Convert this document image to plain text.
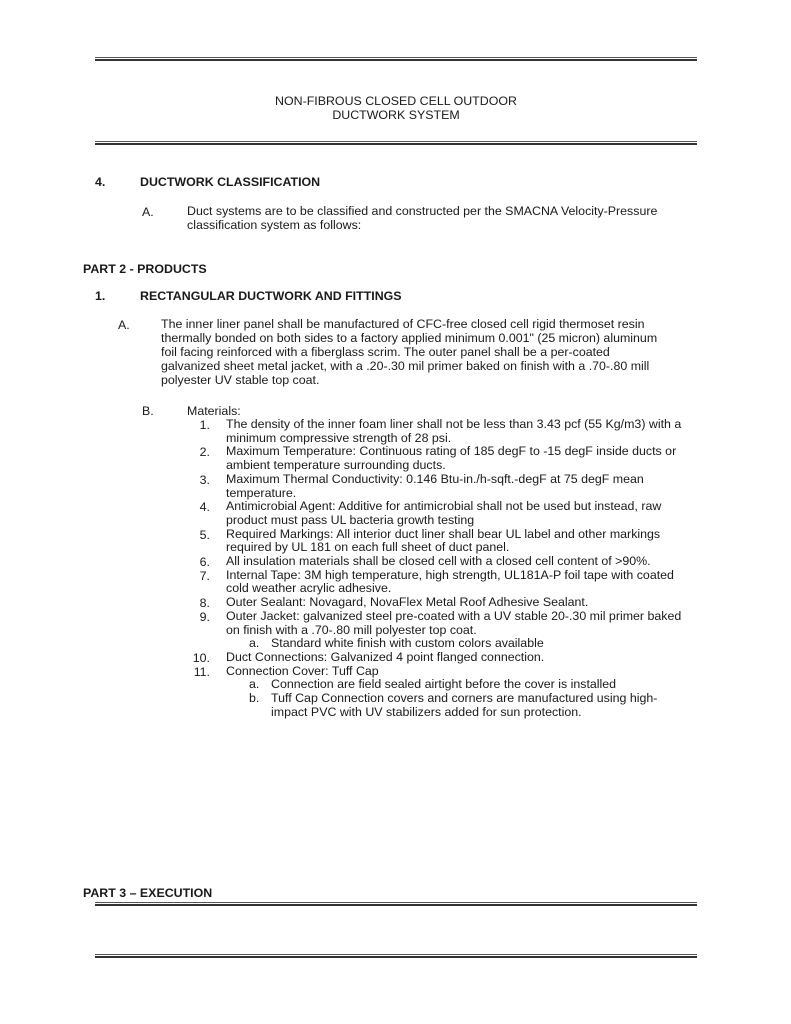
NON-FIBROUS CLOSED CELL OUTDOOR
DUCTWORK SYSTEM
4.	DUCTWORK CLASSIFICATION
A.	Duct systems are to be classified and constructed per the SMACNA Velocity-Pressure
classification system as follows:
PART 2 - PRODUCTS
1.	RECTANGULAR DUCTWORK AND FITTINGS
A.	The inner liner panel shall be manufactured of CFC-free closed cell rigid thermoset resin
thermally bonded on both sides to a factory applied minimum 0.001" (25 micron) aluminum
foil facing reinforced with a fiberglass scrim. The outer panel shall be a per-coated
galvanized sheet metal jacket, with a .20-.30 mil primer baked on finish with a .70-.80 mill
polyester UV stable top coat.
B.	Materials:
1. The density of the inner foam liner shall not be less than 3.43 pcf (55 Kg/m3) with a
minimum compressive strength of 28 psi.
2. Maximum Temperature: Continuous rating of 185 degF to -15 degF inside ducts or
ambient temperature surrounding ducts.
3. Maximum Thermal Conductivity: 0.146 Btu-in./h-sqft.-degF at 75 degF mean
temperature.
4. Antimicrobial Agent: Additive for antimicrobial shall not be used but instead, raw
product must pass UL bacteria growth testing
5. Required Markings: All interior duct liner shall bear UL label and other markings
required by UL 181 on each full sheet of duct panel.
6. All insulation materials shall be closed cell with a closed cell content of >90%.
7. Internal Tape: 3M high temperature, high strength, UL181A-P foil tape with coated
cold weather acrylic adhesive.
8. Outer Sealant: Novagard, NovaFlex Metal Roof Adhesive Sealant.
9. Outer Jacket: galvanized steel pre-coated with a UV stable 20-.30 mil primer baked
on finish with a .70-.80 mill polyester top coat.
a. Standard white finish with custom colors available
10. Duct Connections: Galvanized 4 point flanged connection.
11. Connection Cover: Tuff Cap
a. Connection are field sealed airtight before the cover is installed
b. Tuff Cap Connection covers and corners are manufactured using high-
impact PVC with UV stabilizers added for sun protection.
PART 3 – EXECUTION
